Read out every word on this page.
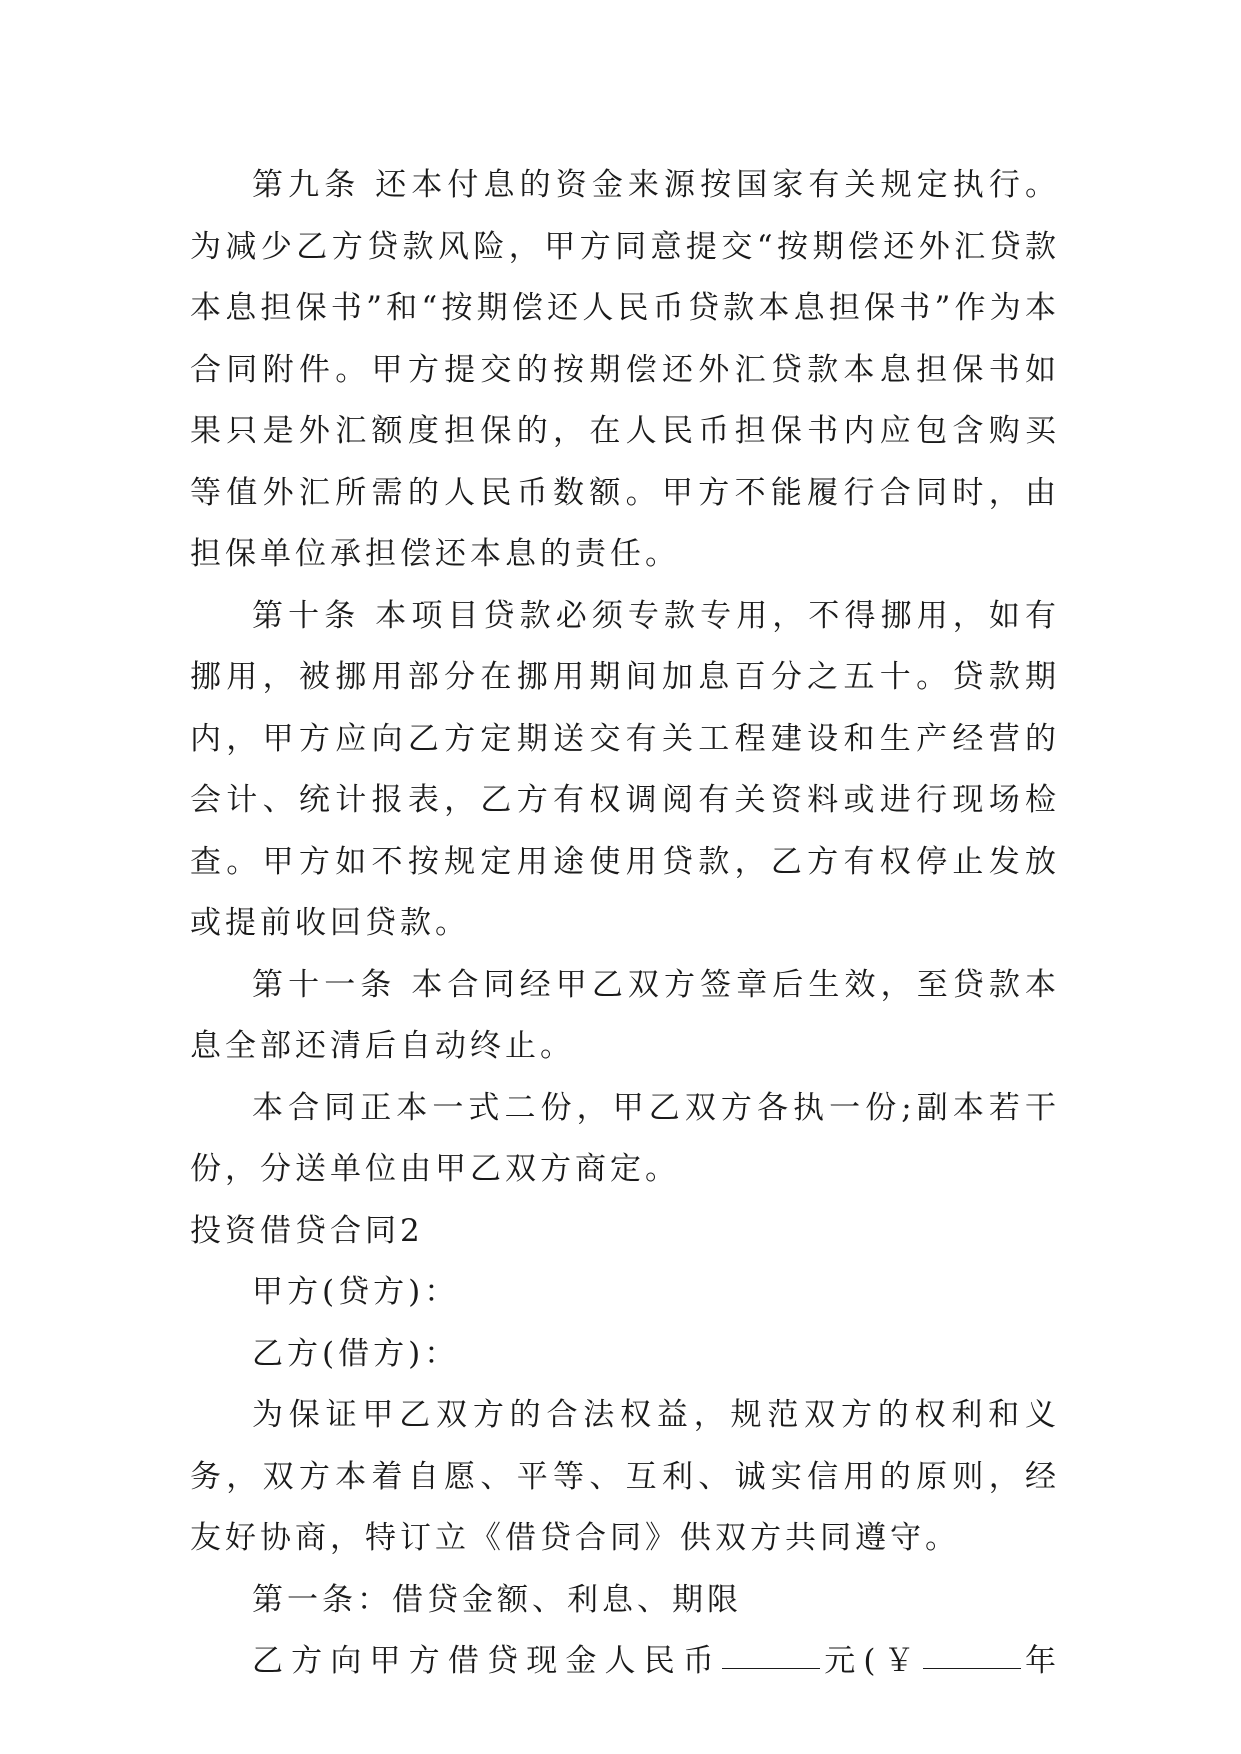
第九条 还本付息的资金来源按国家有关规定执行。为减少乙方贷款风险，甲方同意提交“按期偿还外汇贷款本息担保书”和“按期偿还人民币贷款本息担保书”作为本合同附件。甲方提交的按期偿还外汇贷款本息担保书如果只是外汇额度担保的，在人民币担保书内应包含购买等值外汇所需的人民币数额。甲方不能履行合同时，由担保单位承担偿还本息的责任。

第十条 本项目贷款必须专款专用，不得挪用，如有挪用，被挪用部分在挪用期间加息百分之五十。贷款期内，甲方应向乙方定期送交有关工程建设和生产经营的会计、统计报表，乙方有权调阅有关资料或进行现场检查。甲方如不按规定用途使用贷款，乙方有权停止发放或提前收回贷款。

第十一条 本合同经甲乙双方签章后生效，至贷款本息全部还清后自动终止。

本合同正本一式二份，甲乙双方各执一份;副本若干份，分送单位由甲乙双方商定。

投资借贷合同2

甲方(贷方)：

乙方(借方)：

为保证甲乙双方的合法权益，规范双方的权利和义务，双方本着自愿、平等、互利、诚实信用的原则，经友好协商，特订立《借贷合同》供双方共同遵守。

第一条：借贷金额、利息、期限

乙方向甲方借贷现金人民币	元(￥	年
